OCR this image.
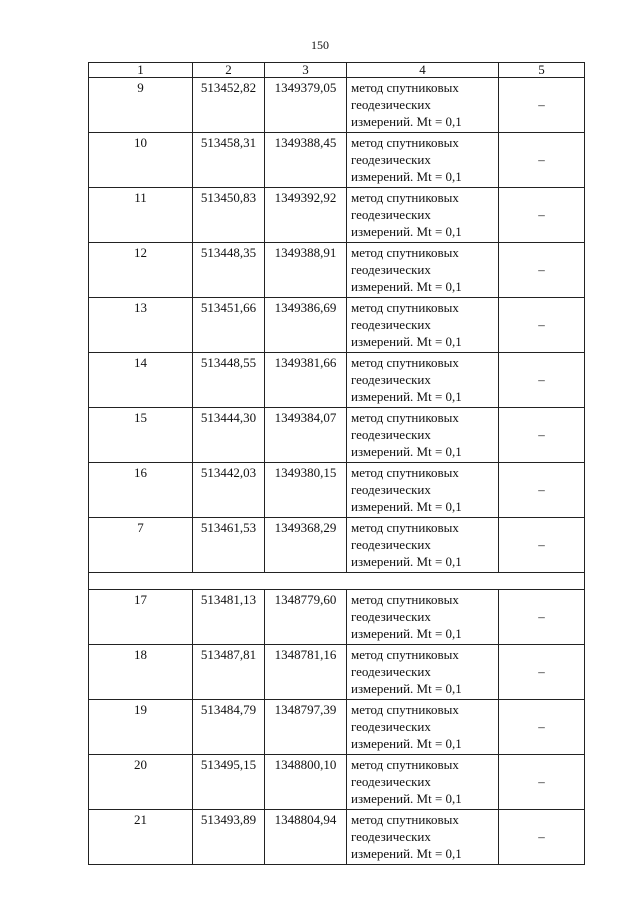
150
1	2	3	4	5
9	513452,82	1349379,05	метод спутниковых
геодезических
измерений. Mt = 0,1	–
10	513458,31	1349388,45	метод спутниковых
геодезических
измерений. Mt = 0,1	–
11	513450,83	1349392,92	метод спутниковых
геодезических
измерений. Mt = 0,1	–
12	513448,35	1349388,91	метод спутниковых
геодезических
измерений. Mt = 0,1	–
13	513451,66	1349386,69	метод спутниковых
геодезических
измерений. Mt = 0,1	–
14	513448,55	1349381,66	метод спутниковых
геодезических
измерений. Mt = 0,1	–
15	513444,30	1349384,07	метод спутниковых
геодезических
измерений. Mt = 0,1	–
16	513442,03	1349380,15	метод спутниковых
геодезических
измерений. Mt = 0,1	–
7	513461,53	1349368,29	метод спутниковых
геодезических
измерений. Mt = 0,1	–

17	513481,13	1348779,60	метод спутниковых
геодезических
измерений. Mt = 0,1	–
18	513487,81	1348781,16	метод спутниковых
геодезических
измерений. Mt = 0,1	–
19	513484,79	1348797,39	метод спутниковых
геодезических
измерений. Mt = 0,1	–
20	513495,15	1348800,10	метод спутниковых
геодезических
измерений. Mt = 0,1	–
21	513493,89	1348804,94	метод спутниковых
геодезических
измерений. Mt = 0,1	–
